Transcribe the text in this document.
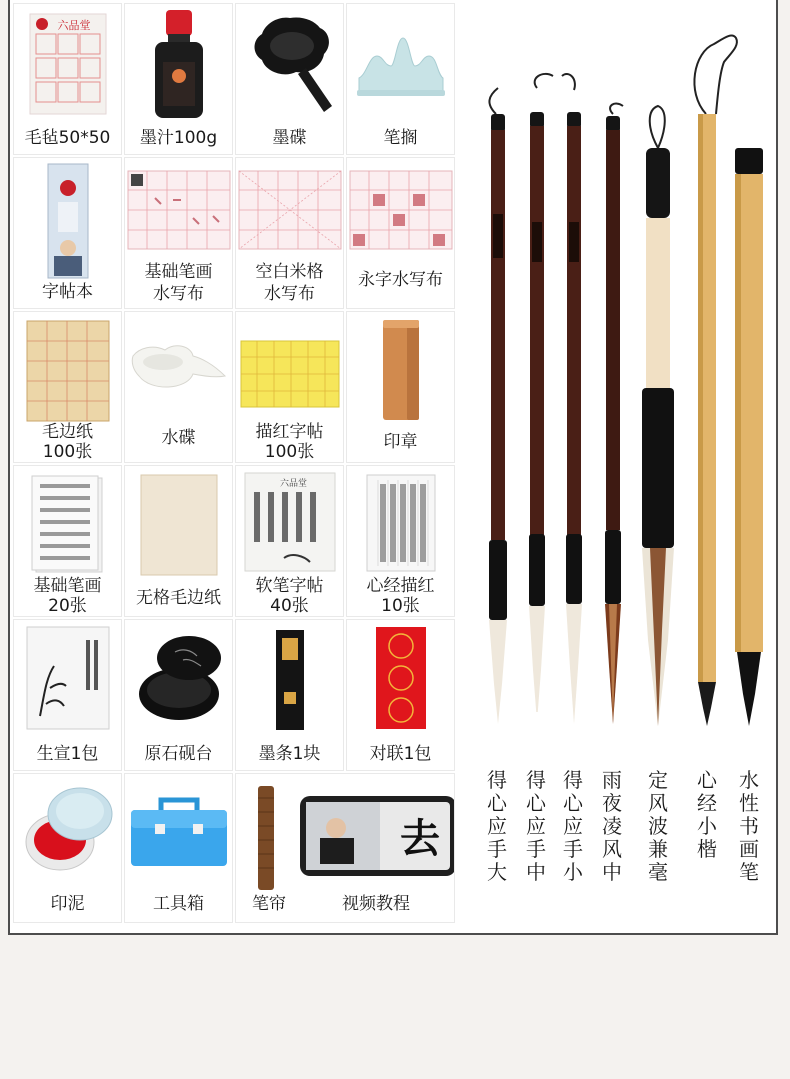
六品堂
毛毡50*50	墨汁100g	墨碟	笔搁
字帖本
基础笔画
水写布
空白米格
水写布
永字水写布
毛边纸
100张
水碟	描红字帖
100张	印章
基础笔画
20张	无格毛边纸
六品堂
软笔字帖
40张
心经描红
10张
生宣1包	原石砚台	墨条1块	对联1包
印泥	工具箱
去
笔帘	视频教程
得
心
应
手
大
得
心
应
手
中
得
心
应
手
小
雨
夜
凌
风
中
定
风
波
兼
毫
心
经
小
楷
水
性
书
画
笔
